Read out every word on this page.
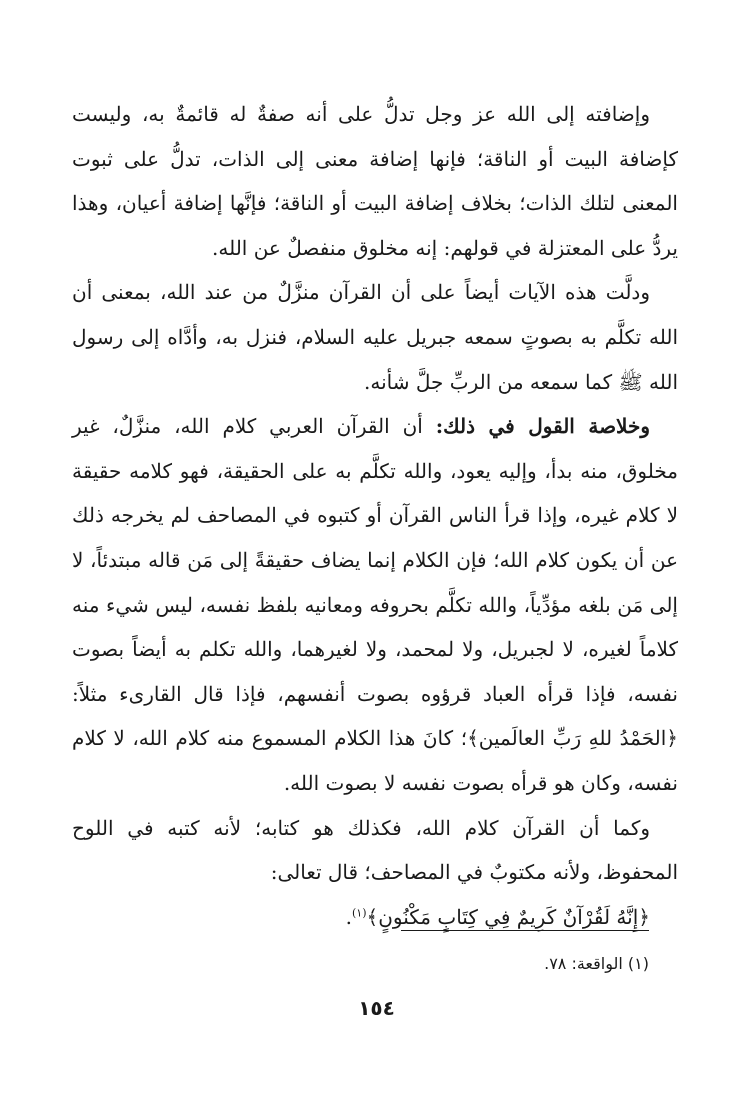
وإضافته إلى الله عز وجل تدلُّ على أنه صفةٌ له قائمةٌ به، وليست كإضافة البيت أو الناقة؛ فإنها إضافة معنى إلى الذات، تدلُّ على ثبوت المعنى لتلك الذات؛ بخلاف إضافة البيت أو الناقة؛ فإنَّها إضافة أعيان، وهذا يردُّ على المعتزلة في قولهم: إنه مخلوق منفصلٌ عن الله.

ودلَّت هذه الآيات أيضاً على أن القرآن منزَّلٌ من عند الله، بمعنى أن الله تكلَّم به بصوتٍ سمعه جبريل عليه السلام، فنزل به، وأدَّاه إلى رسول الله ﷺ كما سمعه من الربِّ جلَّ شأنه.

وخلاصة القول في ذلك: أن القرآن العربي كلام الله، منزَّلٌ، غير مخلوق، منه بدأ، وإليه يعود، والله تكلَّم به على الحقيقة، فهو كلامه حقيقة لا كلام غيره، وإذا قرأ الناس القرآن أو كتبوه في المصاحف لم يخرجه ذلك عن أن يكون كلام الله؛ فإن الكلام إنما يضاف حقيقةً إلى مَن قاله مبتدئاً، لا إلى مَن بلغه مؤدِّياً، والله تكلَّم بحروفه ومعانيه بلفظ نفسه، ليس شيء منه كلاماً لغيره، لا لجبريل، ولا لمحمد، ولا لغيرهما، والله تكلم به أيضاً بصوت نفسه، فإذا قرأه العباد قرؤوه بصوت أنفسهم، فإذا قال القارىء مثلاً: ﴿الحَمْدُ للهِ رَبِّ العالَمين﴾؛ كانَ هذا الكلام المسموع منه كلام الله، لا كلام نفسه، وكان هو قرأه بصوت نفسه لا بصوت الله.

وكما أن القرآن كلام الله، فكذلك هو كتابه؛ لأنه كتبه في اللوح المحفوظ، ولأنه مكتوبٌ في المصاحف؛ قال تعالى:

﴿إِنَّهُ لَقُرْآنٌ كَرِيمٌ فِي كِتَابٍ مَكْنُونٍ﴾$^{(١)}$.

(١) الواقعة: ٧٨.
١٥٤
